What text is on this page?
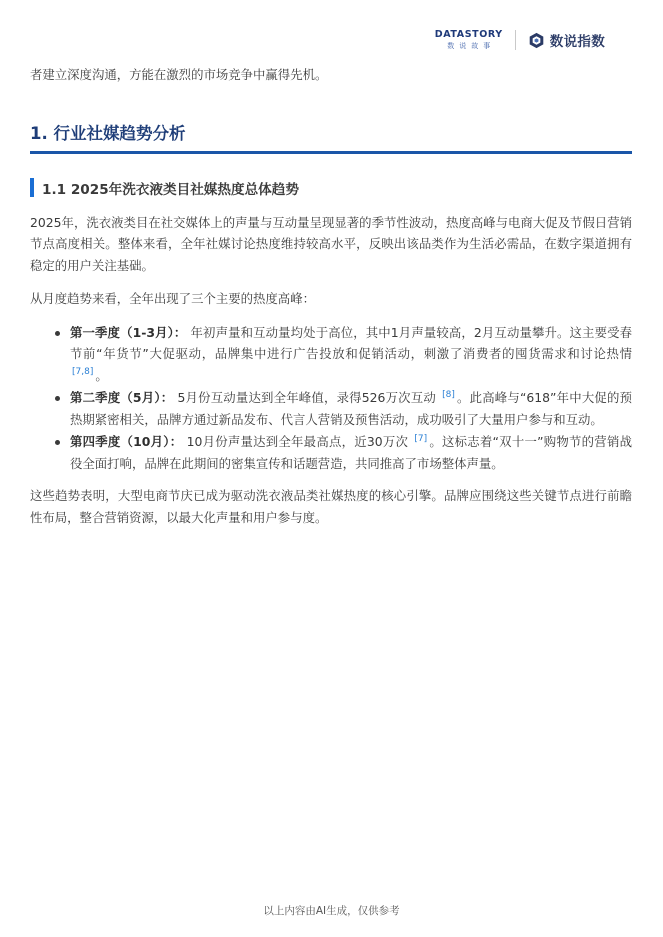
DATASTORY
数说故事	数说指数

者建立深度沟通，方能在激烈的市场竞争中赢得先机。

1. 行业社媒趋势分析
1.1 2025年洗衣液类目社媒热度总体趋势

2025年，洗衣液类目在社交媒体上的声量与互动量呈现显著的季节性波动，热度高峰与电商大促及节假日营销节点高度相关。整体来看，全年社媒讨论热度维持较高水平，反映出该品类作为生活必需品，在数字渠道拥有稳定的用户关注基础。

从月度趋势来看，全年出现了三个主要的热度高峰：

第一季度（1-3月）： 年初声量和互动量均处于高位，其中1月声量较高，2月互动量攀升。这主要受春节前“年货节”大促驱动，品牌集中进行广告投放和促销活动，刺激了消费者的囤货需求和讨论热情 [7,8] 。
第二季度（5月）： 5月份互动量达到全年峰值，录得526万次互动 [8] 。此高峰与“618”年中大促的预热期紧密相关，品牌方通过新品发布、代言人营销及预售活动，成功吸引了大量用户参与和互动。
第四季度（10月）： 10月份声量达到全年最高点，近30万次 [7] 。这标志着“双十一”购物节的营销战役全面打响，品牌在此期间的密集宣传和话题营造，共同推高了市场整体声量。

这些趋势表明，大型电商节庆已成为驱动洗衣液品类社媒热度的核心引擎。品牌应围绕这些关键节点进行前瞻性布局，整合营销资源，以最大化声量和用户参与度。

以上内容由AI生成，仅供参考
